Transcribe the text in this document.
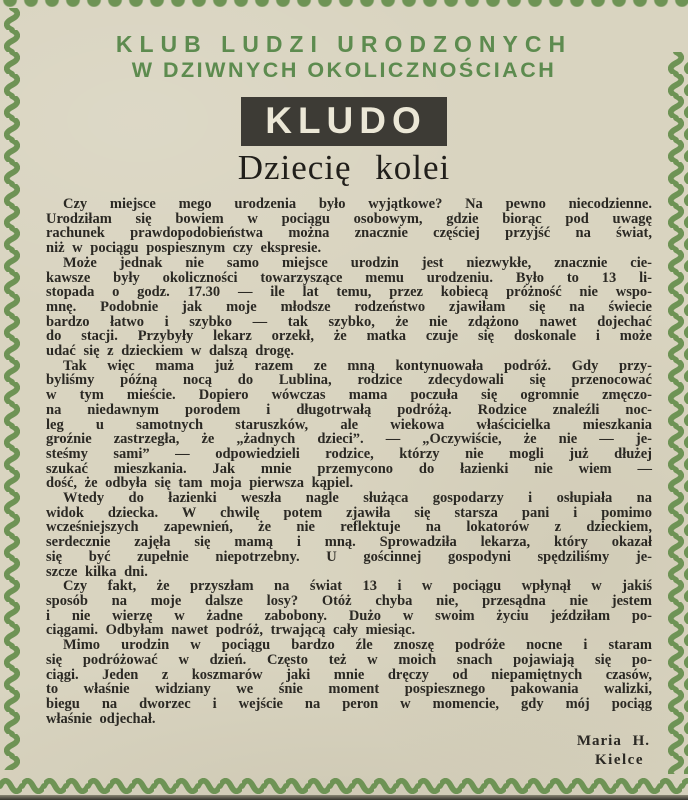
KLUB LUDZI URODZONYCH
W DZIWNYCH OKOLICZNOŚCIACH
KLUDO
Dziecię kolei
Czy miejsce mego urodzenia było wyjątkowe? Na pewno niecodzienne.
Urodziłam się bowiem w pociągu osobowym, gdzie biorąc pod uwagę
rachunek prawdopodobieństwa można znacznie częściej przyjść na świat,
niż w pociągu pospiesznym czy ekspresie.
Może jednak nie samo miejsce urodzin jest niezwykłe, znacznie cie-
kawsze były okoliczności towarzyszące memu urodzeniu. Było to 13 li-
stopada o godz. 17.30 — ile lat temu, przez kobiecą próżność nie wspo-
mnę. Podobnie jak moje młodsze rodzeństwo zjawiłam się na świecie
bardzo łatwo i szybko — tak szybko, że nie zdążono nawet dojechać
do stacji. Przybyły lekarz orzekł, że matka czuje się doskonale i może
udać się z dzieckiem w dalszą drogę.
Tak więc mama już razem ze mną kontynuowała podróż. Gdy przy-
byliśmy późną nocą do Lublina, rodzice zdecydowali się przenocować
w tym mieście. Dopiero wówczas mama poczuła się ogromnie zmęczo-
na niedawnym porodem i długotrwałą podróżą. Rodzice znaleźli noc-
leg u samotnych staruszków, ale wiekowa właścicielka mieszkania
groźnie zastrzegła, że „żadnych dzieci”. — „Oczywiście, że nie — je-
steśmy sami” — odpowiedzieli rodzice, którzy nie mogli już dłużej
szukać mieszkania. Jak mnie przemycono do łazienki nie wiem —
dość, że odbyła się tam moja pierwsza kąpiel.
Wtedy do łazienki weszła nagle służąca gospodarzy i osłupiała na
widok dziecka. W chwilę potem zjawiła się starsza pani i pomimo
wcześniejszych zapewnień, że nie reflektuje na lokatorów z dzieckiem,
serdecznie zajęła się mamą i mną. Sprowadziła lekarza, który okazał
się być zupełnie niepotrzebny. U gościnnej gospodyni spędziliśmy je-
szcze kilka dni.
Czy fakt, że przyszłam na świat 13 i w pociągu wpłynął w jakiś
sposób na moje dalsze losy? Otóż chyba nie, przesądna nie jestem
i nie wierzę w żadne zabobony. Dużo w swoim życiu jeździłam po-
ciągami. Odbyłam nawet podróż, trwającą cały miesiąc.
Mimo urodzin w pociągu bardzo źle znoszę podróże nocne i staram
się podróżować w dzień. Często też w moich snach pojawiają się po-
ciągi. Jeden z koszmarów jaki mnie dręczy od niepamiętnych czasów,
to właśnie widziany we śnie moment pospiesznego pakowania walizki,
biegu na dworzec i wejście na peron w momencie, gdy mój pociąg
właśnie odjechał.
Maria H.
Kielce
